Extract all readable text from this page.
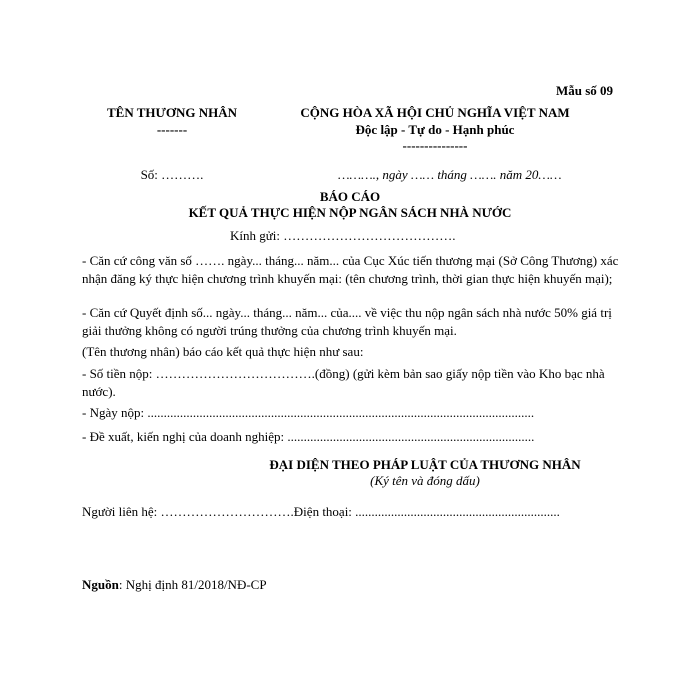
Mẫu số 09
TÊN THƯƠNG NHÂN
-------
CỘNG HÒA XÃ HỘI CHỦ NGHĨA VIỆT NAM
Độc lập - Tự do - Hạnh phúc
---------------
Số: ……….	………., ngày …… tháng ……. năm 20……
BÁO CÁO
KẾT QUẢ THỰC HIỆN NỘP NGÂN SÁCH NHÀ NƯỚC
Kính gửi: ………………………………….
- Căn cứ công văn số ……. ngày... tháng... năm... của Cục Xúc tiến thương mại (Sở Công Thương) xác nhận đăng ký thực hiện chương trình khuyến mại: (tên chương trình, thời gian thực hiện khuyến mại);
- Căn cứ Quyết định số... ngày... tháng... năm... của.... về việc thu nộp ngân sách nhà nước 50% giá trị giải thưởng không có người trúng thưởng của chương trình khuyến mại.
(Tên thương nhân) báo cáo kết quả thực hiện như sau:
- Số tiền nộp: ……………………………….(đồng) (gửi kèm bản sao giấy nộp tiền vào Kho bạc nhà nước).
- Ngày nộp: .......................................................................................................................
- Đề xuất, kiến nghị của doanh nghiệp: ............................................................................
ĐẠI DIỆN THEO PHÁP LUẬT CỦA THƯƠNG NHÂN
(Ký tên và đóng dấu)
Người liên hệ: ………………………….Điện thoại: ...............................................................
Nguồn: Nghị định 81/2018/NĐ-CP
